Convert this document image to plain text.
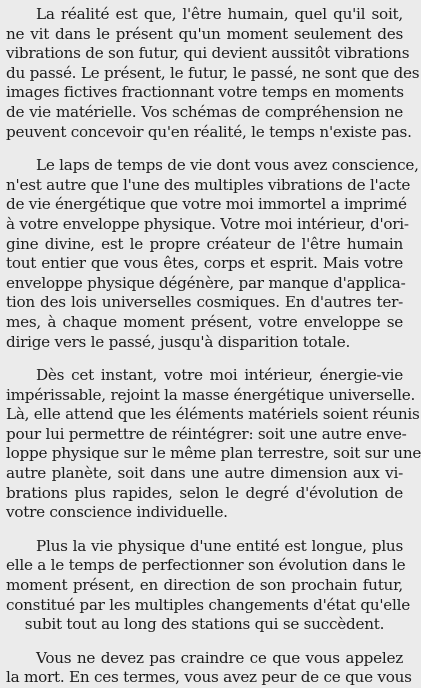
La réalité est que, l'être humain, quel qu'il soit,
ne vit dans le présent qu'un moment seulement des
vibrations de son futur, qui devient aussitôt vibrations
du passé. Le présent, le futur, le passé, ne sont que des
images fictives fractionnant votre temps en moments
de vie matérielle. Vos schémas de compréhension ne
peuvent concevoir qu'en réalité, le temps n'existe pas.
Le laps de temps de vie dont vous avez conscience,
n'est autre que l'une des multiples vibrations de l'acte
de vie énergétique que votre moi immortel a imprimé
à votre enveloppe physique. Votre moi intérieur, d'ori-
gine divine, est le propre créateur de l'être humain
tout entier que vous êtes, corps et esprit. Mais votre
enveloppe physique dégénère, par manque d'applica-
tion des lois universelles cosmiques. En d'autres ter-
mes, à chaque moment présent, votre enveloppe se
dirige vers le passé, jusqu'à disparition totale.
Dès cet instant, votre moi intérieur, énergie-vie
impérissable, rejoint la masse énergétique universelle.
Là, elle attend que les éléments matériels soient réunis
pour lui permettre de réintégrer: soit une autre enve-
loppe physique sur le même plan terrestre, soit sur une
autre planète, soit dans une autre dimension aux vi-
brations plus rapides, selon le degré d'évolution de
votre conscience individuelle.
Plus la vie physique d'une entité est longue, plus
elle a le temps de perfectionner son évolution dans le
moment présent, en direction de son prochain futur,
constitué par les multiples changements d'état qu'elle
subit tout au long des stations qui se succèdent.
Vous ne devez pas craindre ce que vous appelez
la mort. En ces termes, vous avez peur de ce que vous
